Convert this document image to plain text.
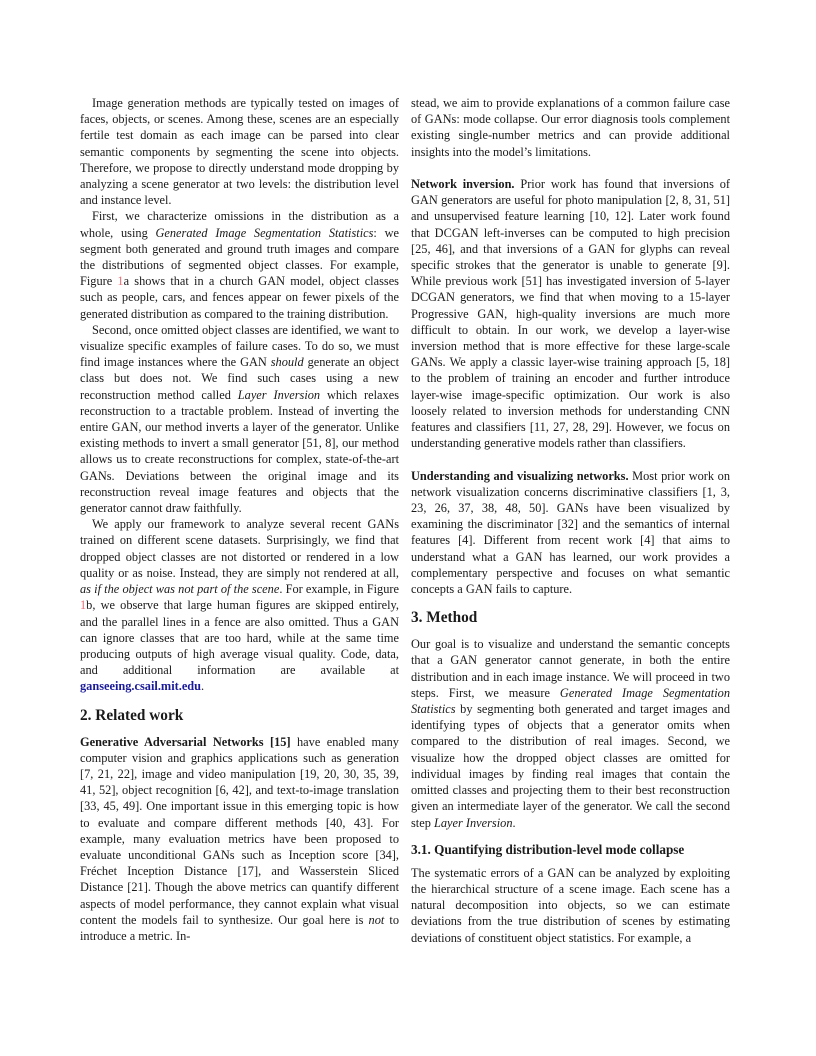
Image generation methods are typically tested on images of faces, objects, or scenes. Among these, scenes are an especially fertile test domain as each image can be parsed into clear semantic components by segmenting the scene into objects. Therefore, we propose to directly understand mode dropping by analyzing a scene generator at two levels: the distribution level and instance level.

First, we characterize omissions in the distribution as a whole, using Generated Image Segmentation Statistics: we segment both generated and ground truth images and compare the distributions of segmented object classes. For example, Figure 1a shows that in a church GAN model, object classes such as people, cars, and fences appear on fewer pixels of the generated distribution as compared to the training distribution.

Second, once omitted object classes are identified, we want to visualize specific examples of failure cases. To do so, we must find image instances where the GAN should generate an object class but does not. We find such cases using a new reconstruction method called Layer Inversion which relaxes reconstruction to a tractable problem. Instead of inverting the entire GAN, our method inverts a layer of the generator. Unlike existing methods to invert a small generator [51, 8], our method allows us to create reconstructions for complex, state-of-the-art GANs. Deviations between the original image and its reconstruction reveal image features and objects that the generator cannot draw faithfully.

We apply our framework to analyze several recent GANs trained on different scene datasets. Surprisingly, we find that dropped object classes are not distorted or rendered in a low quality or as noise. Instead, they are simply not rendered at all, as if the object was not part of the scene. For example, in Figure 1b, we observe that large human figures are skipped entirely, and the parallel lines in a fence are also omitted. Thus a GAN can ignore classes that are too hard, while at the same time producing outputs of high average visual quality. Code, data, and additional information are available at ganseeing.csail.mit.edu.

2. Related work

Generative Adversarial Networks [15] have enabled many computer vision and graphics applications such as generation [7, 21, 22], image and video manipulation [19, 20, 30, 35, 39, 41, 52], object recognition [6, 42], and text-to-image translation [33, 45, 49]. One important issue in this emerging topic is how to evaluate and compare different methods [40, 43]. For example, many evaluation metrics have been proposed to evaluate unconditional GANs such as Inception score [34], Fréchet Inception Distance [17], and Wasserstein Sliced Distance [21]. Though the above metrics can quantify different aspects of model performance, they cannot explain what visual content the models fail to synthesize. Our goal here is not to introduce a metric. In-

stead, we aim to provide explanations of a common failure case of GANs: mode collapse. Our error diagnosis tools complement existing single-number metrics and can provide additional insights into the model’s limitations.

Network inversion. Prior work has found that inversions of GAN generators are useful for photo manipulation [2, 8, 31, 51] and unsupervised feature learning [10, 12]. Later work found that DCGAN left-inverses can be computed to high precision [25, 46], and that inversions of a GAN for glyphs can reveal specific strokes that the generator is unable to generate [9]. While previous work [51] has investigated inversion of 5-layer DCGAN generators, we find that when moving to a 15-layer Progressive GAN, high-quality inversions are much more difficult to obtain. In our work, we develop a layer-wise inversion method that is more effective for these large-scale GANs. We apply a classic layer-wise training approach [5, 18] to the problem of training an encoder and further introduce layer-wise image-specific optimization. Our work is also loosely related to inversion methods for understanding CNN features and classifiers [11, 27, 28, 29]. However, we focus on understanding generative models rather than classifiers.

Understanding and visualizing networks. Most prior work on network visualization concerns discriminative classifiers [1, 3, 23, 26, 37, 38, 48, 50]. GANs have been visualized by examining the discriminator [32] and the semantics of internal features [4]. Different from recent work [4] that aims to understand what a GAN has learned, our work provides a complementary perspective and focuses on what semantic concepts a GAN fails to capture.

3. Method

Our goal is to visualize and understand the semantic concepts that a GAN generator cannot generate, in both the entire distribution and in each image instance. We will proceed in two steps. First, we measure Generated Image Segmentation Statistics by segmenting both generated and target images and identifying types of objects that a generator omits when compared to the distribution of real images. Second, we visualize how the dropped object classes are omitted for individual images by finding real images that contain the omitted classes and projecting them to their best reconstruction given an intermediate layer of the generator. We call the second step Layer Inversion.

3.1. Quantifying distribution-level mode collapse

The systematic errors of a GAN can be analyzed by exploiting the hierarchical structure of a scene image. Each scene has a natural decomposition into objects, so we can estimate deviations from the true distribution of scenes by estimating deviations of constituent object statistics. For example, a
